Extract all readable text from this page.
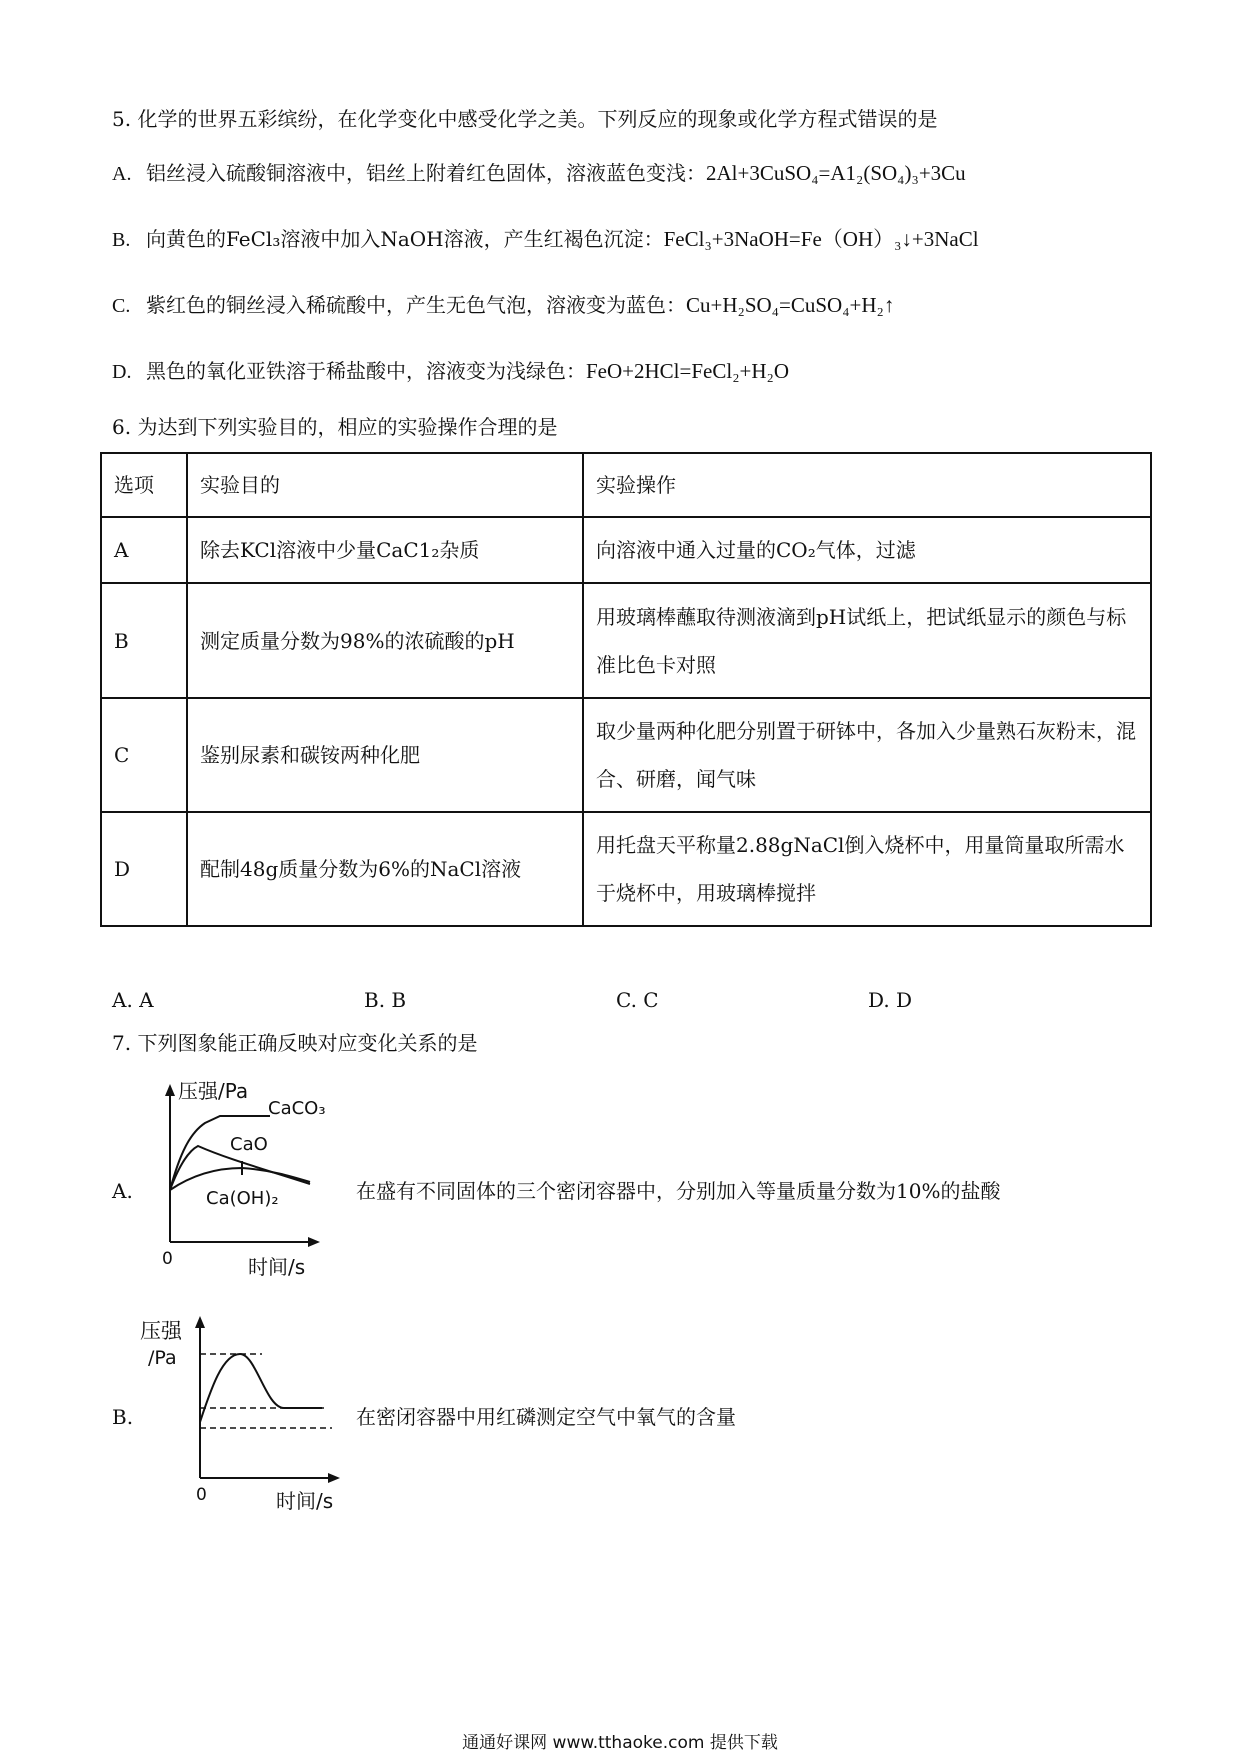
5. 化学的世界五彩缤纷，在化学变化中感受化学之美。下列反应的现象或化学方程式错误的是
A. 铝丝浸入硫酸铜溶液中，铝丝上附着红色固体，溶液蓝色变浅：2Al+3CuSO₄=A1₂(SO₄)₃+3Cu
B. 向黄色的FeCl₃溶液中加入NaOH溶液，产生红褐色沉淀：FeCl₃+3NaOH=Fe（OH）₃↓+3NaCl
C. 紫红色的铜丝浸入稀硫酸中，产生无色气泡，溶液变为蓝色：Cu+H₂SO₄=CuSO₄+H₂↑
D. 黑色的氧化亚铁溶于稀盐酸中，溶液变为浅绿色：FeO+2HCl=FeCl₂+H₂O
6. 为达到下列实验目的，相应的实验操作合理的是
选项	实验目的	实验操作
A	除去KCl溶液中少量CaC1₂杂质	向溶液中通入过量的CO₂气体，过滤
B	测定质量分数为98%的浓硫酸的pH	用玻璃棒蘸取待测液滴到pH试纸上，把试纸显示的颜色与标准比色卡对照
C	鉴别尿素和碳铵两种化肥	取少量两种化肥分别置于研钵中，各加入少量熟石灰粉末，混合、研磨，闻气味
D	配制48g质量分数为6%的NaCl溶液	用托盘天平称量2.88gNaCl倒入烧杯中，用量筒量取所需水于烧杯中，用玻璃棒搅拌
A. A	B. B	C. C	D. D
7. 下列图象能正确反映对应变化关系的是
A.
压强/Pa
CaCO₃
CaO
Ca(OH)₂
0	时间/s
在盛有不同固体的三个密闭容器中，分别加入等量质量分数为10%的盐酸
B.
压强
/Pa
0	时间/s
在密闭容器中用红磷测定空气中氧气的含量
通通好课网 www.tthaoke.com 提供下载
